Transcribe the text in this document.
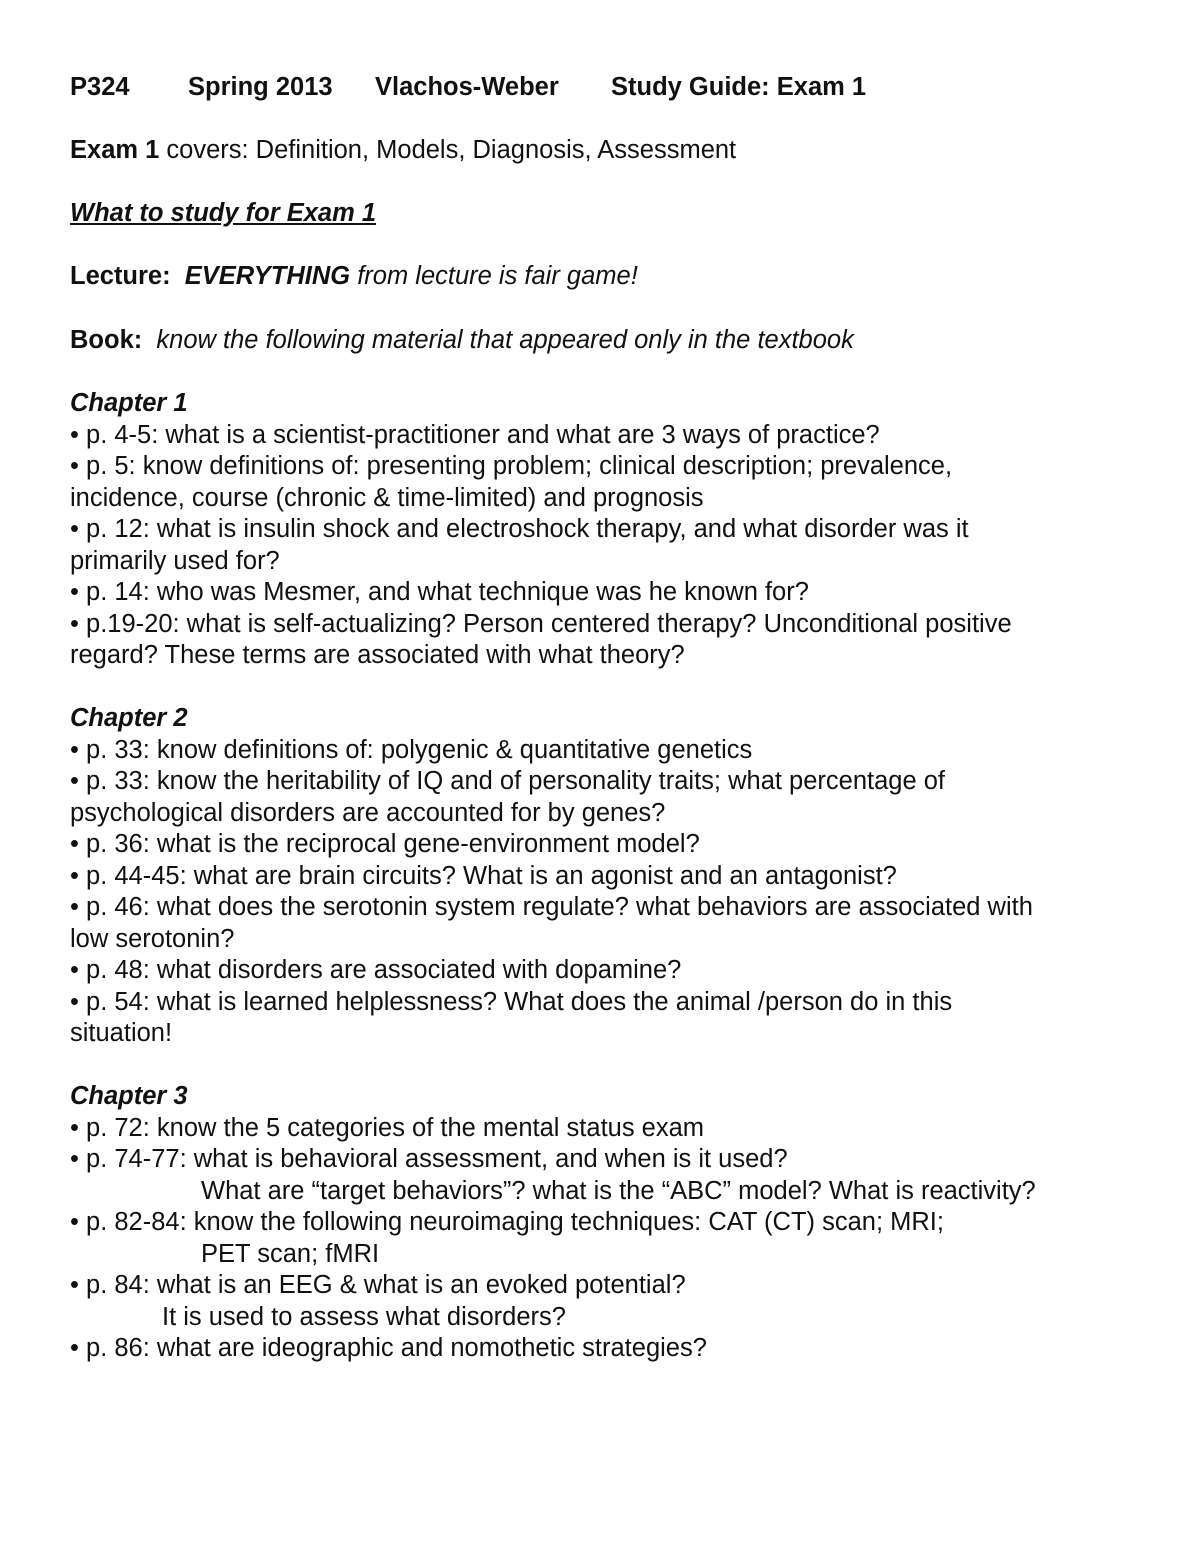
P324 Spring 2013 Vlachos-Weber Study Guide: Exam 1
Exam 1 covers: Definition, Models, Diagnosis, Assessment
What to study for Exam 1
Lecture: EVERYTHING from lecture is fair game!
Book: know the following material that appeared only in the textbook
Chapter 1
• p. 4-5: what is a scientist-practitioner and what are 3 ways of practice?
• p. 5: know definitions of: presenting problem; clinical description; prevalence,
incidence, course (chronic & time-limited) and prognosis
• p. 12: what is insulin shock and electroshock therapy, and what disorder was it
primarily used for?
• p. 14: who was Mesmer, and what technique was he known for?
• p.19-20: what is self-actualizing? Person centered therapy? Unconditional positive
regard? These terms are associated with what theory?
Chapter 2
• p. 33: know definitions of: polygenic & quantitative genetics
• p. 33: know the heritability of IQ and of personality traits; what percentage of
psychological disorders are accounted for by genes?
• p. 36: what is the reciprocal gene-environment model?
• p. 44-45: what are brain circuits? What is an agonist and an antagonist?
• p. 46: what does the serotonin system regulate? what behaviors are associated with
low serotonin?
• p. 48: what disorders are associated with dopamine?
• p. 54: what is learned helplessness? What does the animal /person do in this
situation!
Chapter 3
• p. 72: know the 5 categories of the mental status exam
• p. 74-77: what is behavioral assessment, and when is it used?
What are “target behaviors”? what is the “ABC” model? What is reactivity?
• p. 82-84: know the following neuroimaging techniques: CAT (CT) scan; MRI;
PET scan; fMRI
• p. 84: what is an EEG & what is an evoked potential?
It is used to assess what disorders?
• p. 86: what are ideographic and nomothetic strategies?
